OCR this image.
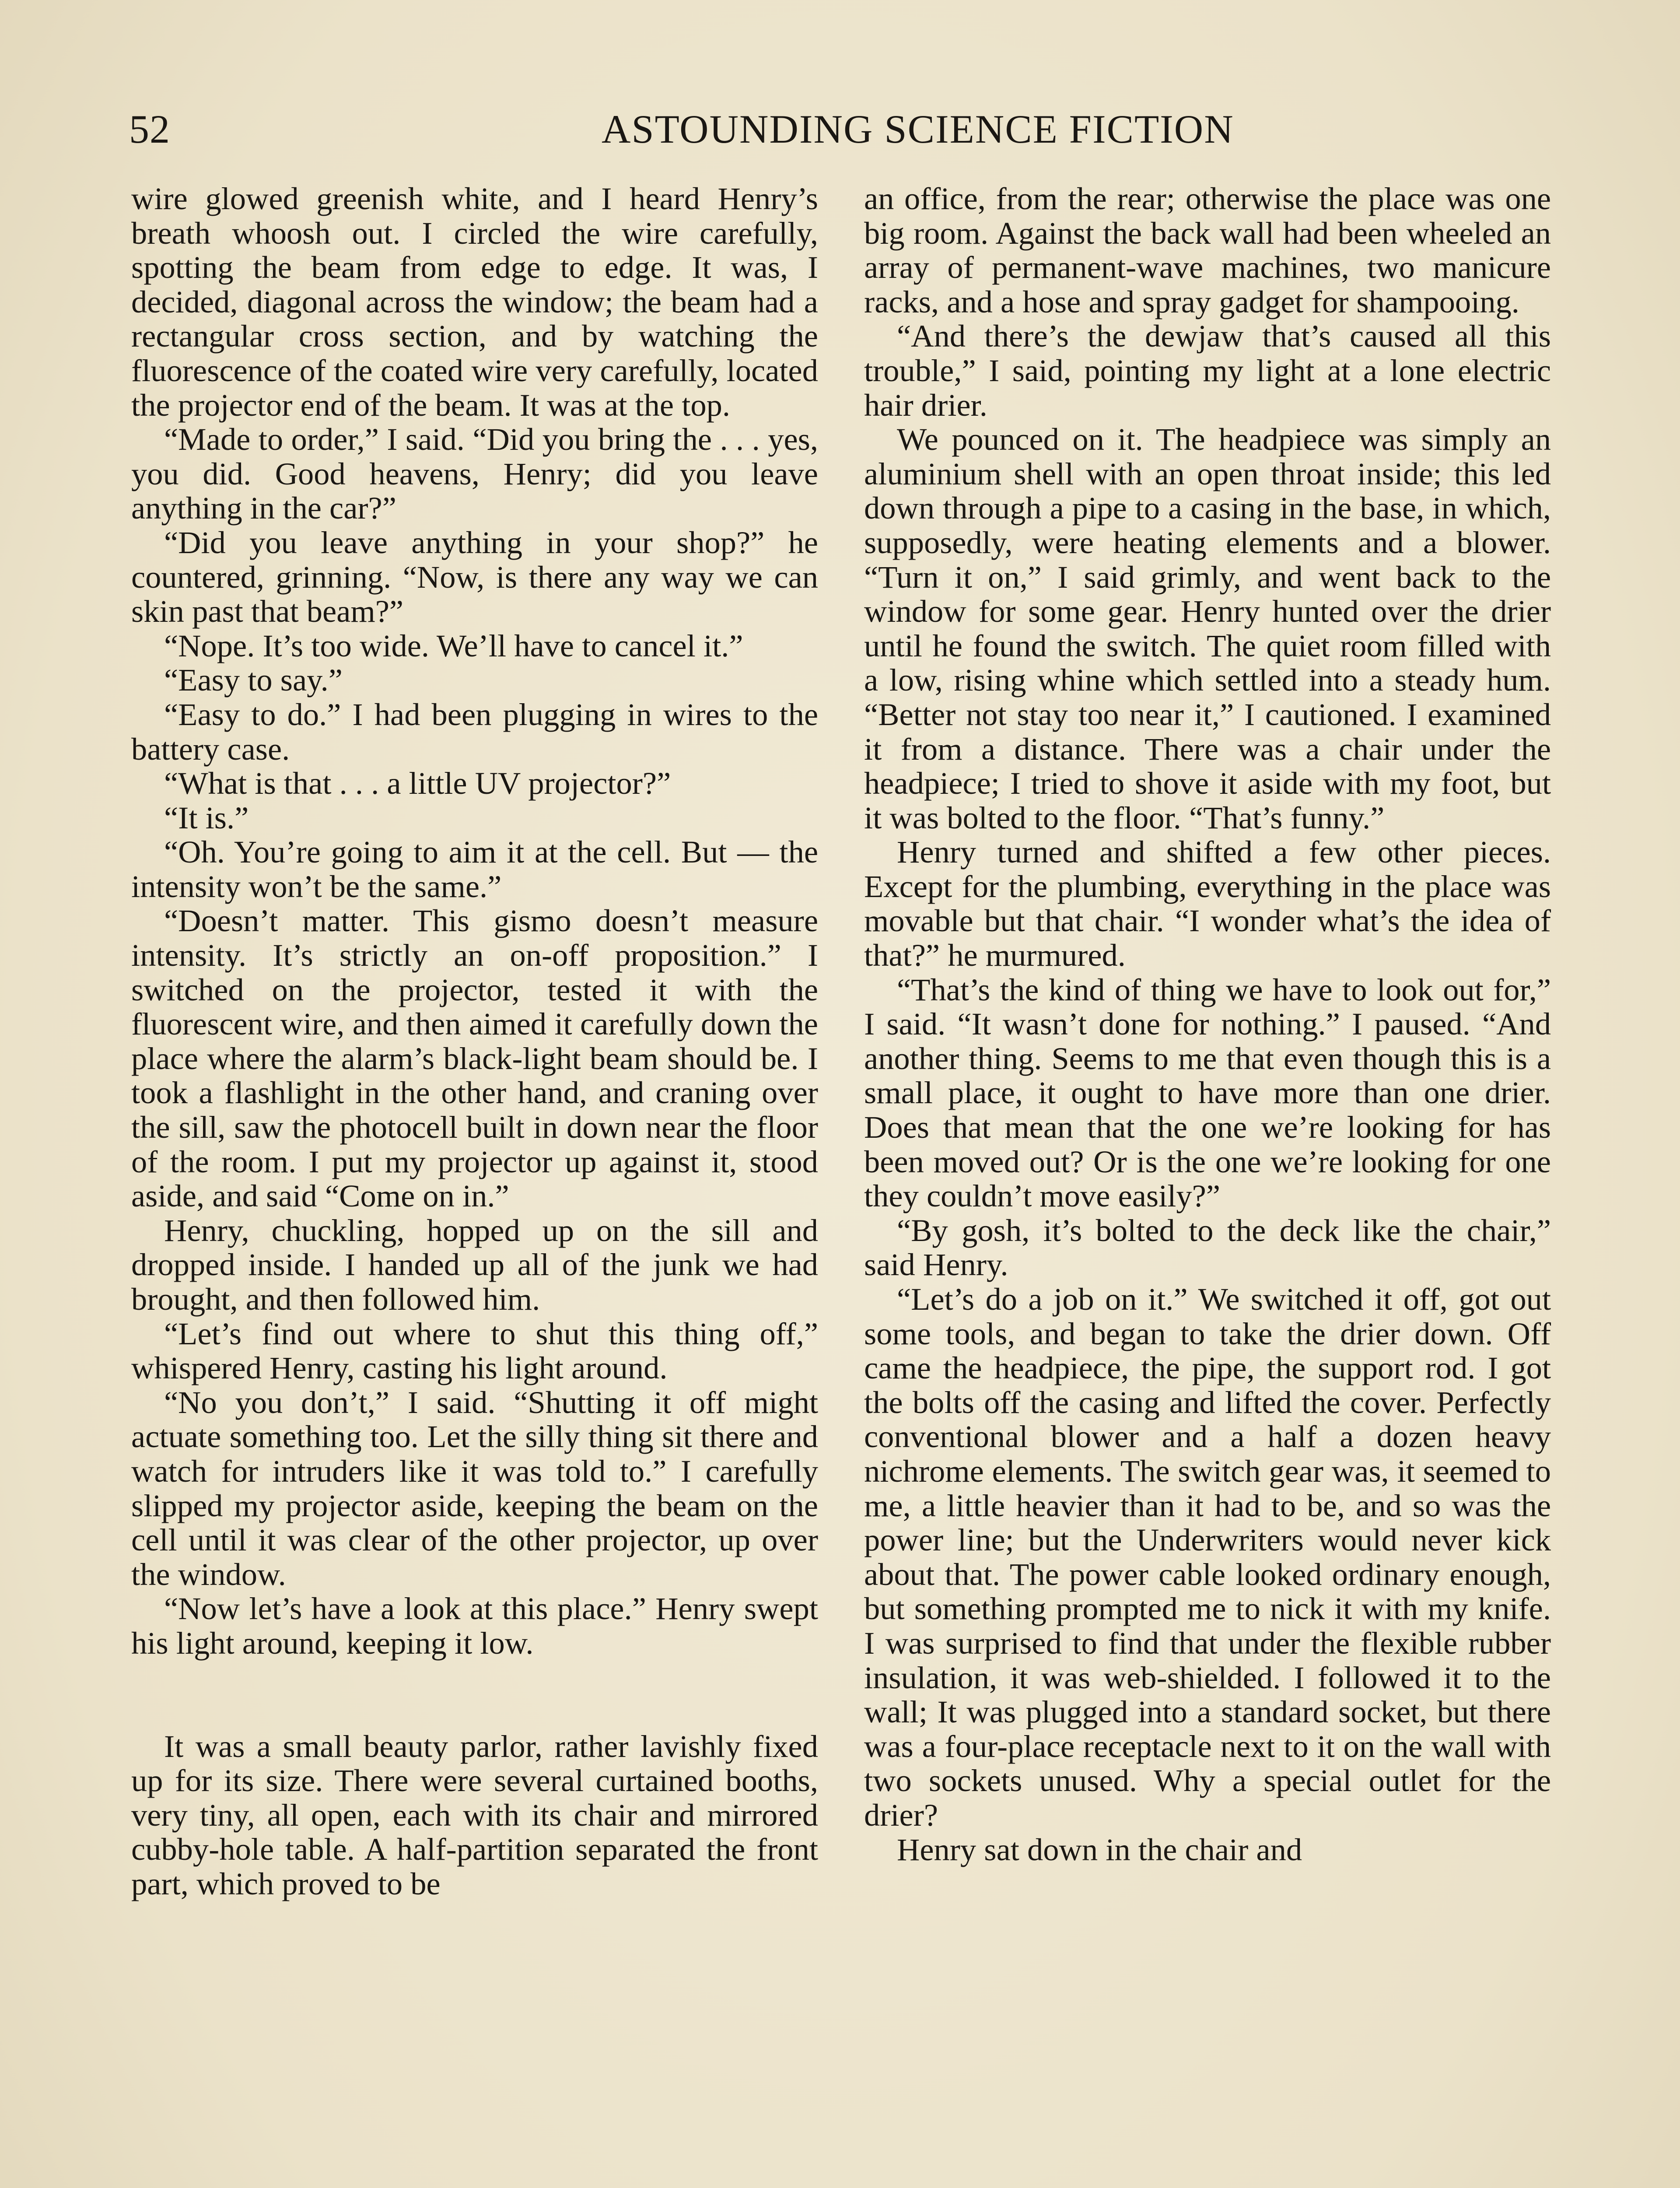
52	ASTOUNDING SCIENCE FICTION

wire glowed greenish white, and I heard Henry’s breath whoosh out. I circled the wire carefully, spotting the beam from edge to edge. It was, I decided, diagonal across the window; the beam had a rectangular cross section, and by watching the fluorescence of the coated wire very carefully, located the projector end of the beam. It was at the top.

“Made to order,” I said. “Did you bring the . . . yes, you did. Good heavens, Henry; did you leave anything in the car?”

“Did you leave anything in your shop?” he countered, grinning. “Now, is there any way we can skin past that beam?”

“Nope. It’s too wide. We’ll have to cancel it.”

“Easy to say.”

“Easy to do.” I had been plugging in wires to the battery case.

“What is that . . . a little UV projector?”

“It is.”

“Oh. You’re going to aim it at the cell. But — the intensity won’t be the same.”

“Doesn’t matter. This gismo doesn’t measure intensity. It’s strictly an on-off proposition.” I switched on the projector, tested it with the fluorescent wire, and then aimed it carefully down the place where the alarm’s black-light beam should be. I took a flashlight in the other hand, and craning over the sill, saw the photocell built in down near the floor of the room. I put my projector up against it, stood aside, and said “Come on in.”

Henry, chuckling, hopped up on the sill and dropped inside. I handed up all of the junk we had brought, and then followed him.

“Let’s find out where to shut this thing off,” whispered Henry, casting his light around.

“No you don’t,” I said. “Shutting it off might actuate something too. Let the silly thing sit there and watch for intruders like it was told to.” I carefully slipped my projector aside, keeping the beam on the cell until it was clear of the other projector, up over the window.

“Now let’s have a look at this place.” Henry swept his light around, keeping it low.

It was a small beauty parlor, rather lavishly fixed up for its size. There were several curtained booths, very tiny, all open, each with its chair and mirrored cubby-hole table. A half-partition separated the front part, which proved to be

an office, from the rear; otherwise the place was one big room. Against the back wall had been wheeled an array of permanent-wave machines, two manicure racks, and a hose and spray gadget for shampooing.

“And there’s the dewjaw that’s caused all this trouble,” I said, pointing my light at a lone electric hair drier.

We pounced on it. The headpiece was simply an aluminium shell with an open throat inside; this led down through a pipe to a casing in the base, in which, supposedly, were heating elements and a blower. “Turn it on,” I said grimly, and went back to the window for some gear. Henry hunted over the drier until he found the switch. The quiet room filled with a low, rising whine which settled into a steady hum. “Better not stay too near it,” I cautioned. I examined it from a distance. There was a chair under the headpiece; I tried to shove it aside with my foot, but it was bolted to the floor. “That’s funny.”

Henry turned and shifted a few other pieces. Except for the plumbing, everything in the place was movable but that chair. “I wonder what’s the idea of that?” he murmured.

“That’s the kind of thing we have to look out for,” I said. “It wasn’t done for nothing.” I paused. “And another thing. Seems to me that even though this is a small place, it ought to have more than one drier. Does that mean that the one we’re looking for has been moved out? Or is the one we’re looking for one they couldn’t move easily?”

“By gosh, it’s bolted to the deck like the chair,” said Henry.

“Let’s do a job on it.” We switched it off, got out some tools, and began to take the drier down. Off came the headpiece, the pipe, the support rod. I got the bolts off the casing and lifted the cover. Perfectly conventional blower and a half a dozen heavy nichrome elements. The switch gear was, it seemed to me, a little heavier than it had to be, and so was the power line; but the Underwriters would never kick about that. The power cable looked ordinary enough, but something prompted me to nick it with my knife. I was surprised to find that under the flexible rubber insulation, it was web-shielded. I followed it to the wall; It was plugged into a standard socket, but there was a four-place receptacle next to it on the wall with two sockets unused. Why a special outlet for the drier?

Henry sat down in the chair and
